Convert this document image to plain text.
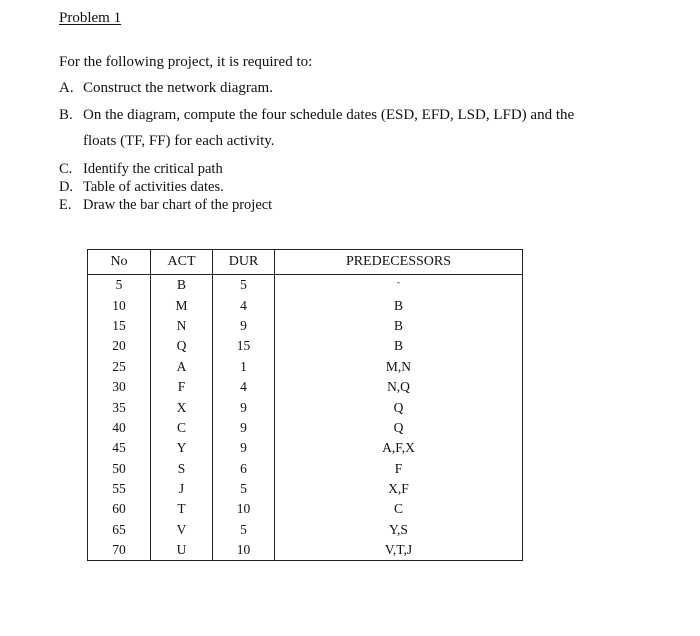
Problem 1
For the following project, it is required to:
A. Construct the network diagram.
B. On the diagram, compute the four schedule dates (ESD, EFD, LSD, LFD) and the
floats (TF, FF) for each activity.
C. Identify the critical path
D. Table of activities dates.
E. Draw the bar chart of the project
No	ACT	DUR	PREDECESSORS
5	B	5	-
10	M	4	B
15	N	9	B
20	Q	15	B
25	A	1	M,N
30	F	4	N,Q
35	X	9	Q
40	C	9	Q
45	Y	9	A,F,X
50	S	6	F
55	J	5	X,F
60	T	10	C
65	V	5	Y,S
70	U	10	V,T,J
